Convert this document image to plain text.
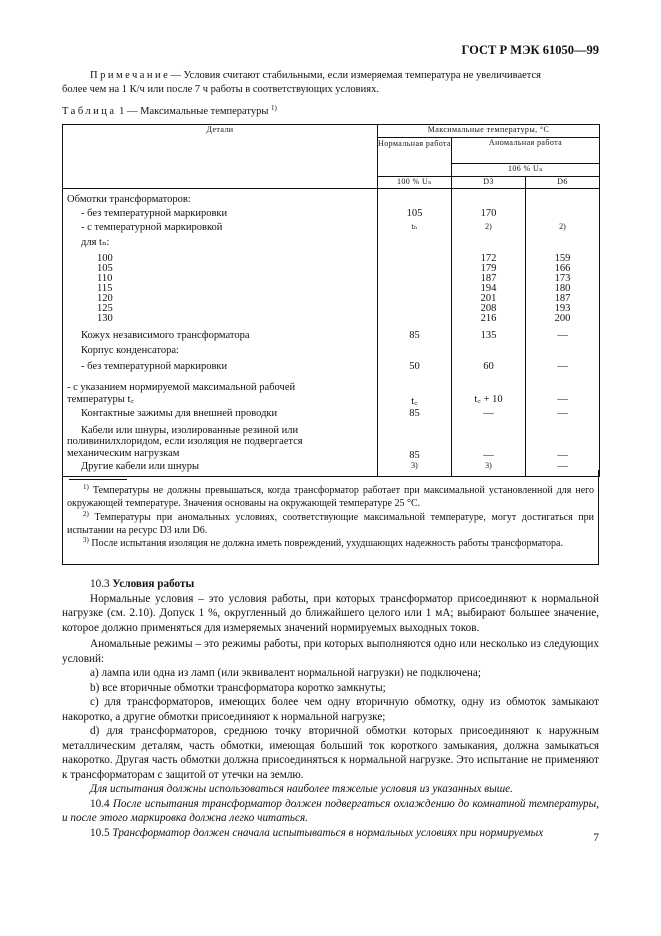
ГОСТ Р МЭК 61050—99

Примечание— Условия считают стабильными, если измеряемая температура не увеличивается

более чем на 1 К/ч или после 7 ч работы в соответствующих условиях.

Таблица 1 — Максимальные температуры $^{1)}$
Детали	Максимальные температуры, °С		
	Нормальная работа	Аномальная работа	
		106 % Uₙ	
	100 % Uₙ	D3	D6
Обмотки трансформаторов:			
- без температурной маркировки	105	170	
- с температурной маркировкой	tₙ	2)	2)
для tₙ:			
100		172	159
105		179	166
110		187	173
115		194	180
120		201	187
125		208	193
130		216	200
Кожух независимого трансформатора	85	135	—
Корпус конденсатора:			
- без температурной маркировки	50	60	—

- с указанием нормируемой максимальной рабочей
температуры t꜀	t꜀	t꜀ + 10	—
Контактные зажимы для внешней проводки	85	—	—

Кабели или шнуры, изолированные резиной или
поливинилхлоридом, если изоляция не подвергается
механическим нагрузкам	85	—	—
Другие кабели или шнуры	3)	3)	—

$^{1)}$ Температуры не должны превышаться, когда трансформатор работает при максимальной установленной для него окружающей температуре. Значения основаны на окружающей температуре 25 °С.

$^{2)}$ Температуры при аномальных условиях, соответствующие максимальной температуре, могут достигаться при испытании на ресурс D3 или D6.

$^{3)}$ После испытания изоляция не должна иметь повреждений, ухудшающих надежность работы трансформатора.

10.3 Условия работы

Нормальные условия – это условия работы, при которых трансформатор присоединяют к нормальной нагрузке (см. 2.10). Допуск 1 %, округленный до ближайшего целого или 1 мА; выбирают большее значение, которое должно применяться для измеряемых значений нормируемых выходных токов.

Аномальные режимы – это режимы работы, при которых выполняются одно или несколько из следующих условий:

а) лампа или одна из ламп (или эквивалент нормальной нагрузки) не подключена;

b) все вторичные обмотки трансформатора коротко замкнуты;

с) для трансформаторов, имеющих более чем одну вторичную обмотку, одну из обмоток замыкают накоротко, а другие обмотки присоединяют к нормальной нагрузке;

d) для трансформаторов, среднюю точку вторичной обмотки которых присоединяют к наружным металлическим деталям, часть обмотки, имеющая больший ток короткого замыкания, должна замыкаться накоротко. Другая часть обмотки должна присоединяться к нормальной нагрузке. Это испытание не применяют к трансформаторам с защитой от утечки на землю.

Для испытания должны использоваться наиболее тяжелые условия из указанных выше.

10.4 После испытания трансформатор должен подвергаться охлаждению до комнатной температуры, и после этого маркировка должна легко читаться.

10.5 Трансформатор должен сначала испытываться в нормальных условиях при нормируемых	7
